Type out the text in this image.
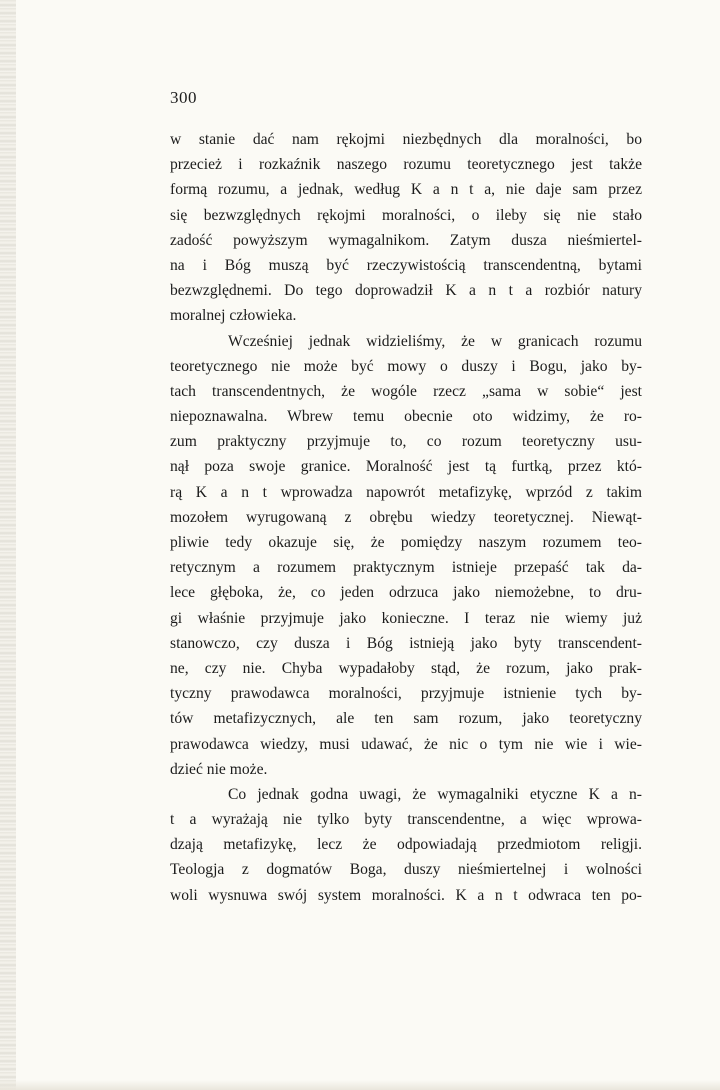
300

w stanie dać nam rękojmi niezbędnych dla moralności, bo
przecież i rozkaźnik naszego rozumu teoretycznego jest także
formą rozumu, a jednak, według K a n t a, nie daje sam przez
się bezwzględnych rękojmi moralności, o ileby się nie stało
zadość powyższym wymagalnikom. Zatym dusza nieśmiertel-
na i Bóg muszą być rzeczywistością transcendentną, bytami
bezwzględnemi. Do tego doprowadził K a n t a rozbiór natury
moralnej człowieka.
Wcześniej jednak widzieliśmy, że w granicach rozumu
teoretycznego nie może być mowy o duszy i Bogu, jako by-
tach transcendentnych, że wogóle rzecz „sama w sobie“ jest
niepoznawalna. Wbrew temu obecnie oto widzimy, że ro-
zum praktyczny przyjmuje to, co rozum teoretyczny usu-
nął poza swoje granice. Moralność jest tą furtką, przez któ-
rą K a n t wprowadza napowrót metafizykę, wprzód z takim
mozołem wyrugowaną z obrębu wiedzy teoretycznej. Niewąt-
pliwie tedy okazuje się, że pomiędzy naszym rozumem teo-
retycznym a rozumem praktycznym istnieje przepaść tak da-
lece głęboka, że, co jeden odrzuca jako niemożebne, to dru-
gi właśnie przyjmuje jako konieczne. I teraz nie wiemy już
stanowczo, czy dusza i Bóg istnieją jako byty transcendent-
ne, czy nie. Chyba wypadałoby stąd, że rozum, jako prak-
tyczny prawodawca moralności, przyjmuje istnienie tych by-
tów metafizycznych, ale ten sam rozum, jako teoretyczny
prawodawca wiedzy, musi udawać, że nic o tym nie wie i wie-
dzieć nie może.
Co jednak godna uwagi, że wymagalniki etyczne K a n-
t a wyrażają nie tylko byty transcendentne, a więc wprowa-
dzają metafizykę, lecz że odpowiadają przedmiotom religji.
Teologja z dogmatów Boga, duszy nieśmiertelnej i wolności
woli wysnuwa swój system moralności. K a n t odwraca ten po-
